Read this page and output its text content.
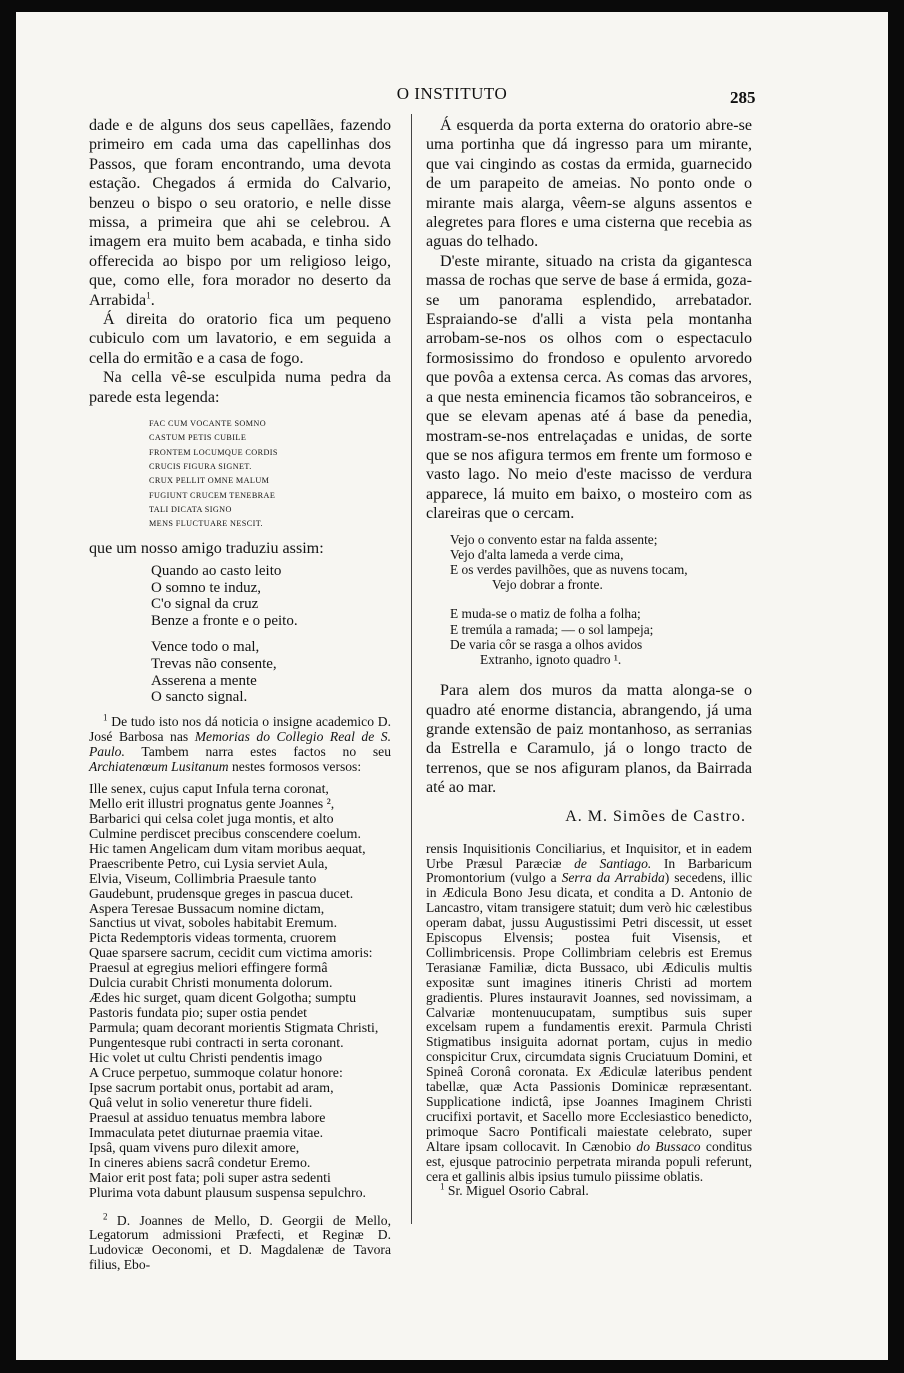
O INSTITUTO	285

dade e de alguns dos seus capellães, fazendo primeiro em cada uma das capellinhas dos Passos, que foram encontrando, uma devota estação. Chegados á ermida do Calvario, benzeu o bispo o seu oratorio, e nelle disse missa, a primeira que ahi se celebrou. A imagem era muito bem acabada, e tinha sido offerecida ao bispo por um religioso leigo, que, como elle, fora morador no deserto da Arrabida$^1$.

Á direita do oratorio fica um pequeno cubiculo com um lavatorio, e em seguida a cella do ermitão e a casa de fogo.

Na cella vê-se esculpida numa pedra da parede esta legenda:

FAC CUM VOCANTE SOMNO
CASTUM PETIS CUBILE
FRONTEM LOCUMQUE CORDIS
CRUCIS FIGURA SIGNET.
CRUX PELLIT OMNE MALUM
FUGIUNT CRUCEM TENEBRAE
TALI DICATA SIGNO
MENS FLUCTUARE NESCIT.

que um nosso amigo traduziu assim:

Quando ao casto leito
O somno te induz,
C'o signal da cruz
Benze a fronte e o peito.
Vence todo o mal,
Trevas não consente,
Asserena a mente
O sancto signal.

$^1$ De tudo isto nos dá noticia o insigne academico D. José Barbosa nas Memorias do Collegio Real de S. Paulo. Tambem narra estes factos no seu Archiatenœum Lusitanum nestes formosos versos:

Ille senex, cujus caput Infula terna coronat,
Mello erit illustri prognatus gente Joannes ²,
Barbarici qui celsa colet juga montis, et alto
Culmine perdiscet precibus conscendere coelum.
Hic tamen Angelicam dum vitam moribus aequat,
Praescribente Petro, cui Lysia serviet Aula,
Elvia, Viseum, Collimbria Praesule tanto
Gaudebunt, prudensque greges in pascua ducet.
Aspera Teresae Bussacum nomine dictam,
Sanctius ut vivat, soboles habitabit Eremum.
Picta Redemptoris videas tormenta, cruorem
Quae sparsere sacrum, cecidit cum victima amoris:
Praesul at egregius meliori effingere formâ
Dulcia curabit Christi monumenta dolorum.
Ædes hic surget, quam dicent Golgotha; sumptu
Pastoris fundata pio; super ostia pendet
Parmula; quam decorant morientis Stigmata Christi,
Pungentesque rubi contracti in serta coronant.
Hic volet ut cultu Christi pendentis imago
A Cruce perpetuo, summoque colatur honore:
Ipse sacrum portabit onus, portabit ad aram,
Quâ velut in solio veneretur thure fideli.
Praesul at assiduo tenuatus membra labore
Immaculata petet diuturnae praemia vitae.
Ipsâ, quam vivens puro dilexit amore,
In cineres abiens sacrâ condetur Eremo.
Maior erit post fata; poli super astra sedenti
Plurima vota dabunt plausum suspensa sepulchro.

$^2$ D. Joannes de Mello, D. Georgii de Mello, Legatorum admissioni Præfecti, et Reginæ D. Ludovicæ Oeconomi, et D. Magdalenæ de Tavora filius, Ebo-

Á esquerda da porta externa do oratorio abre-se uma portinha que dá ingresso para um mirante, que vai cingindo as costas da ermida, guarnecido de um parapeito de ameias. No ponto onde o mirante mais alarga, vêem-se alguns assentos e alegretes para flores e uma cisterna que recebia as aguas do telhado.

D'este mirante, situado na crista da gigantesca massa de rochas que serve de base á ermida, goza-se um panorama esplendido, arrebatador. Espraiando-se d'alli a vista pela montanha arrobam-se-nos os olhos com o espectaculo formosissimo do frondoso e opulento arvoredo que povôa a extensa cerca. As comas das arvores, a que nesta eminencia ficamos tão sobranceiros, e que se elevam apenas até á base da penedia, mostram-se-nos entrelaçadas e unidas, de sorte que se nos afigura termos em frente um formoso e vasto lago. No meio d'este macisso de verdura apparece, lá muito em baixo, o mosteiro com as clareiras que o cercam.

Vejo o convento estar na falda assente;
Vejo d'alta lameda a verde cima,
E os verdes pavilhões, que as nuvens tocam,
Vejo dobrar a fronte.
E muda-se o matiz de folha a folha;
E tremúla a ramada; — o sol lampeja;
De varia côr se rasga a olhos avidos
Extranho, ignoto quadro ¹.

Para alem dos muros da matta alonga-se o quadro até enorme distancia, abrangendo, já uma grande extensão de paiz montanhoso, as serranias da Estrella e Caramulo, já o longo tracto de terrenos, que se nos afiguram planos, da Bairrada até ao mar.

A. M. Simões de Castro.

rensis Inquisitionis Conciliarius, et Inquisitor, et in eadem Urbe Præsul Paræciæ de Santiago. In Barbaricum Promontorium (vulgo a Serra da Arrabida) secedens, illic in Ædicula Bono Jesu dicata, et condita a D. Antonio de Lancastro, vitam transigere statuit; dum verò hic cælestibus operam dabat, jussu Augustissimi Petri discessit, ut esset Episcopus Elvensis; postea fuit Visensis, et Collimbricensis. Prope Collimbriam celebris est Eremus Terasianæ Familiæ, dicta Bussaco, ubi Ædiculis multis expositæ sunt imagines itineris Christi ad mortem gradientis. Plures instauravit Joannes, sed novissimam, a Calvariæ montenuucupatam, sumptibus suis super excelsam rupem a fundamentis erexit. Parmula Christi Stigmatibus insiguita adornat portam, cujus in medio conspicitur Crux, circumdata signis Cruciatuum Domini, et Spineâ Coronâ coronata. Ex Ædiculæ lateribus pendent tabellæ, quæ Acta Passionis Dominicæ repræsentant. Supplicatione indictâ, ipse Joannes Imaginem Christi crucifixi portavit, et Sacello more Ecclesiastico benedicto, primoque Sacro Pontificali maiestate celebrato, super Altare ipsam collocavit. In Cænobio do Bussaco conditus est, ejusque patrocinio perpetrata miranda populi referunt, cera et gallinis albis ipsius tumulo piissime oblatis.

$^1$ Sr. Miguel Osorio Cabral.
